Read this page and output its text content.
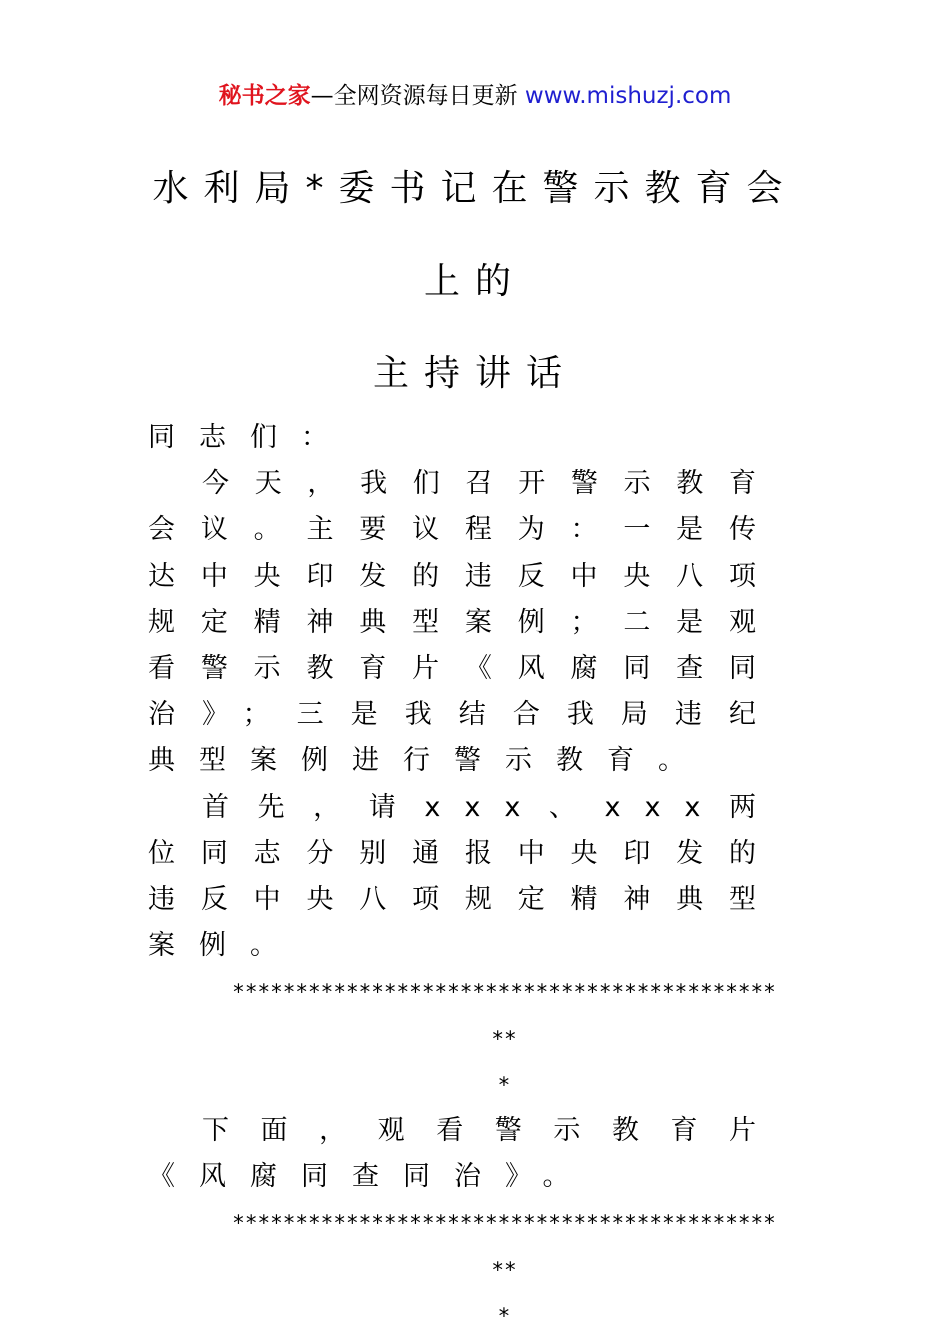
秘书之家—全网资源每日更新 www.mishuzj.com
水利局*委书记在警示教育会
上的
主持讲话

同志们：

今天，我们召开警示教育会议。主要议程为：一是传达中央印发的违反中央八项规定精神典型案例；二是观看警示教育片《风腐同查同治》；三是我结合我局违纪典型案例进行警示教育。

首先，请xxx、xxx两位同志分别通报中央印发的违反中央八项规定精神典型案例。

*********************************************
*

下面，观看警示教育片《风腐同查同治》。

*********************************************
*
